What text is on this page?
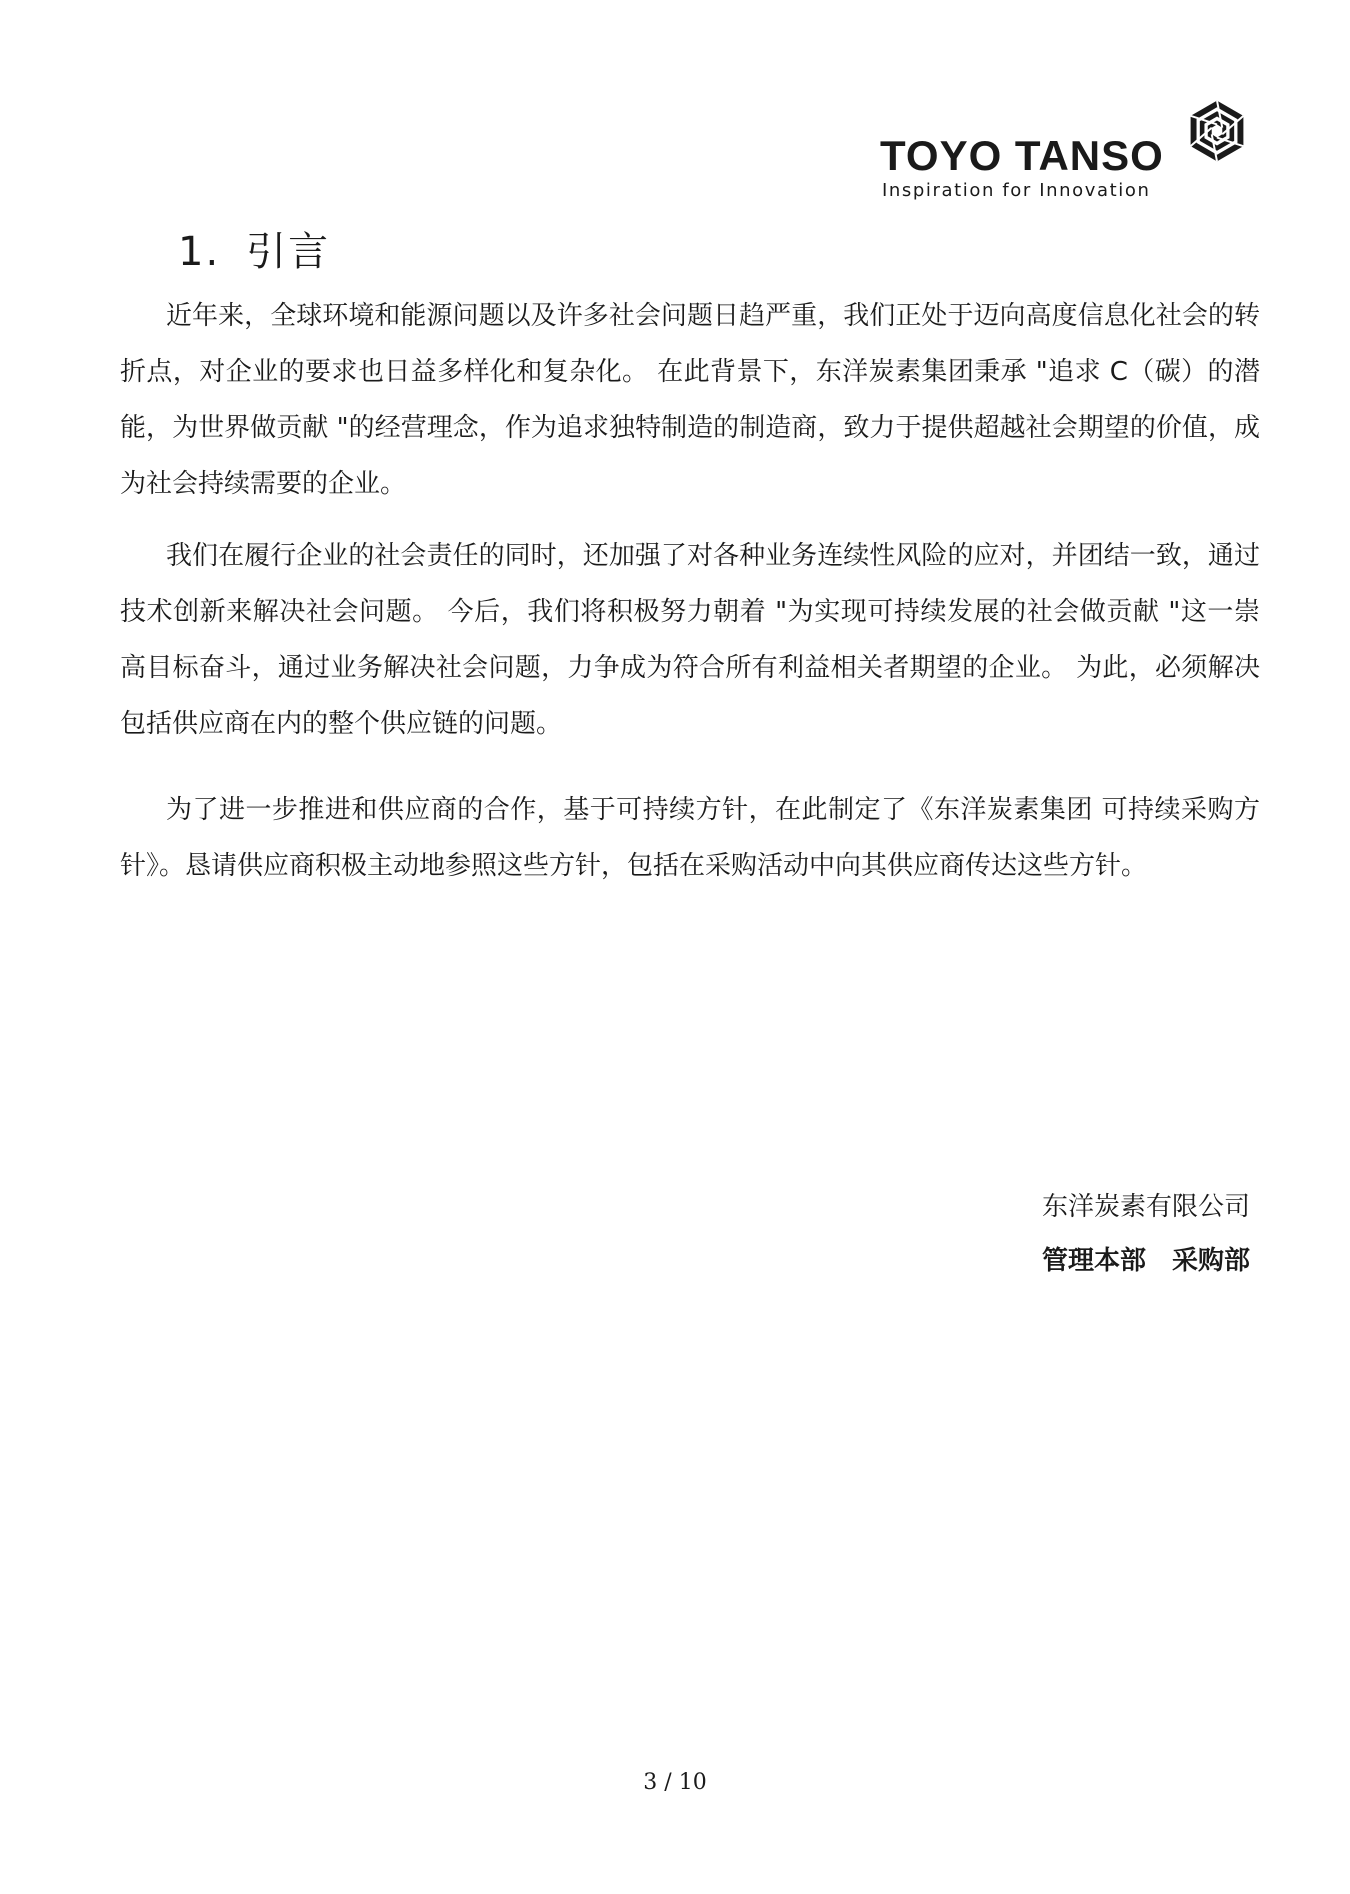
TOYO TANSO
Inspiration for Innovation
1. 引言

近年来，全球环境和能源问题以及许多社会问题日趋严重，我们正处于迈向高度信息化社会的转折点，对企业的要求也日益多样化和复杂化。 在此背景下，东洋炭素集团秉承 "追求 C（碳）的潜能，为世界做贡献 "的经营理念，作为追求独特制造的制造商，致力于提供超越社会期望的价值，成为社会持续需要的企业。

我们在履行企业的社会责任的同时，还加强了对各种业务连续性风险的应对，并团结一致，通过技术创新来解决社会问题。 今后，我们将积极努力朝着 "为实现可持续发展的社会做贡献 "这一崇高目标奋斗，通过业务解决社会问题，力争成为符合所有利益相关者期望的企业。 为此，必须解决包括供应商在内的整个供应链的问题。

为了进一步推进和供应商的合作，基于可持续方针，在此制定了《东洋炭素集团 可持续采购方针》。恳请供应商积极主动地参照这些方针，包括在采购活动中向其供应商传达这些方针。

东洋炭素有限公司
管理本部　采购部
3 / 10
